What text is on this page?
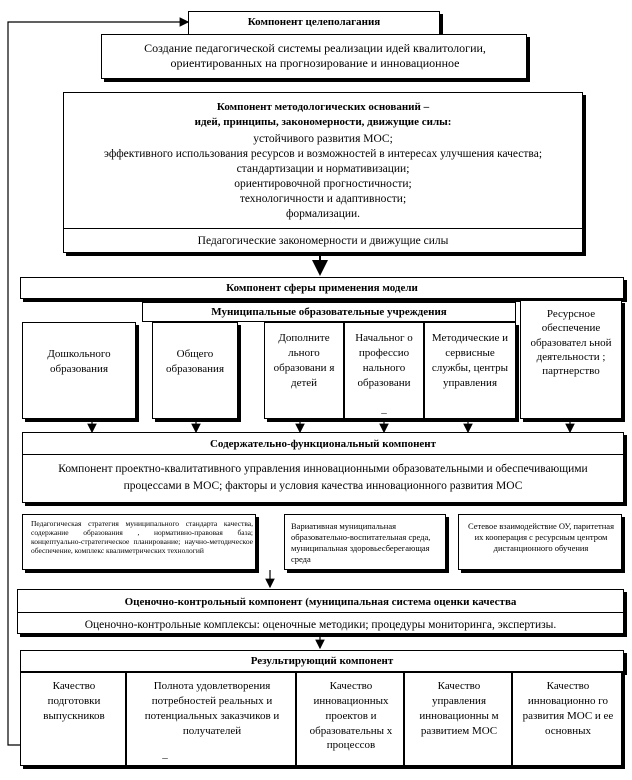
Компонент целеполагания
Создание педагогической системы реализации идей квалитологии, ориентированных на прогнозирование и инновационное
Компонент методологических оснований –
идей, принципы, закономерности, движущие силы:
устойчивого развития МОС;
эффективного использования ресурсов и возможностей в интересах улучшения качества;
стандартизации и нормативизации;
ориентировочной прогностичности;
технологичности и адаптивности;
формализации.
Педагогические закономерности и движущие силы
Компонент сферы применения модели
Муниципальные образовательные учреждения
Дошкольного образования
Общего образования
Дополните льного образовани я детей
Начальног о профессио нального образовани
–
Методические и сервисные службы, центры управления
Ресурсное обеспечение образовател ьной деятельности ; партнерство
Содержательно-функциональный компонент
Компонент проектно-квалитативного управления инновационными образовательными и обеспечивающими процессами в МОС; факторы и условия качества инновационного развития МОС
Педагогическая стратегия муниципального стандарта качества, содержание образования , нормативно-правовая база; концептуально-стратегическое планирование; научно-методическое обеспечение, комплекс квалиметрических технологий
Вариативная муниципальная образовательно-воспитательная среда, муниципальная здоровьесберегающая среда
Сетевое взаимодействие ОУ, паритетная их кооперация с ресурсным центром дистанционного обучения
Оценочно-контрольный компонент (муниципальная система оценки качества
Оценочно-контрольные комплексы: оценочные методики; процедуры мониторинга, экспертизы.
Результирующий компонент
Качество подготовки выпускников
Полнота удовлетворения потребностей реальных и потенциальных заказчиков и получателей
–
Качество инновационных проектов и образовательны х процессов
Качество управления инновационны м развитием МОС
Качество инновационно го развития МОС и ее основных
